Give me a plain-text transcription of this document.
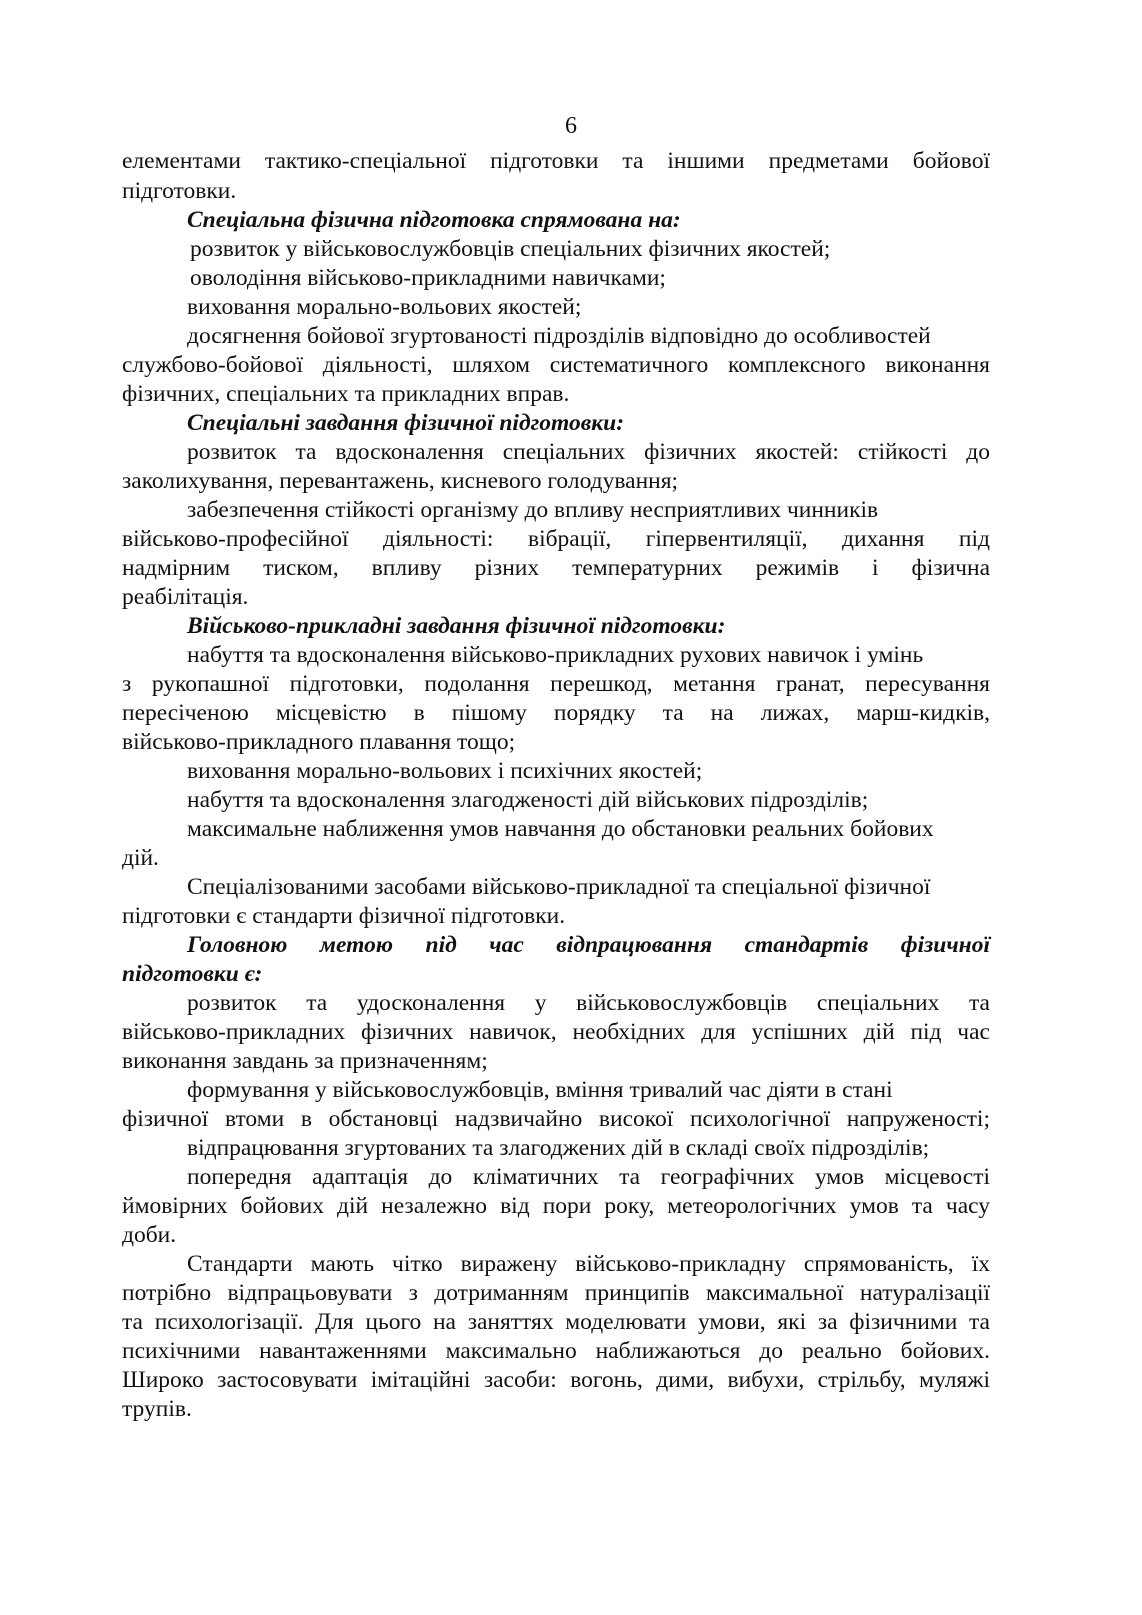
6
елементами тактико-спеціальної підготовки та іншими предметами бойової
підготовки.
Спеціальна фізична підготовка спрямована на:
розвиток у військовослужбовців спеціальних фізичних якостей;
оволодіння військово-прикладними навичками;
виховання морально-вольових якостей;
досягнення бойової згуртованості підрозділів відповідно до особливостей
службово-бойової діяльності, шляхом систематичного комплексного виконання
фізичних, спеціальних та прикладних вправ.
Спеціальні завдання фізичної підготовки:
розвиток та вдосконалення спеціальних фізичних якостей: стійкості до
заколихування, перевантажень, кисневого голодування;
забезпечення стійкості організму до впливу несприятливих чинників
військово-професійної діяльності: вібрації, гіпервентиляції, дихання під
надмірним тиском, впливу різних температурних режимів і фізична
реабілітація.
Військово-прикладні завдання фізичної підготовки:
набуття та вдосконалення військово-прикладних рухових навичок і умінь
з рукопашної підготовки, подолання перешкод, метання гранат, пересування
пересіченою місцевістю в пішому порядку та на лижах, марш-кидків,
військово-прикладного плавання тощо;
виховання морально-вольових і психічних якостей;
набуття та вдосконалення злагодженості дій військових підрозділів;
максимальне наближення умов навчання до обстановки реальних бойових
дій.
Спеціалізованими засобами військово-прикладної та спеціальної фізичної
підготовки є стандарти фізичної підготовки.
Головною метою під час відпрацювання стандартів фізичної
підготовки є:
розвиток та удосконалення у військовослужбовців спеціальних та
військово-прикладних фізичних навичок, необхідних для успішних дій під час
виконання завдань за призначенням;
формування у військовослужбовців, вміння тривалий час діяти в стані
фізичної втоми в обстановці надзвичайно високої психологічної напруженості;
відпрацювання згуртованих та злагоджених дій в складі своїх підрозділів;
попередня адаптація до кліматичних та географічних умов місцевості
ймовірних бойових дій незалежно від пори року, метеорологічних умов та часу
доби.
Стандарти мають чітко виражену військово-прикладну спрямованість, їх
потрібно відпрацьовувати з дотриманням принципів максимальної натуралізації
та психологізації. Для цього на заняттях моделювати умови, які за фізичними та
психічними навантаженнями максимально наближаються до реально бойових.
Широко застосовувати імітаційні засоби: вогонь, дими, вибухи, стрільбу, муляжі
трупів.
